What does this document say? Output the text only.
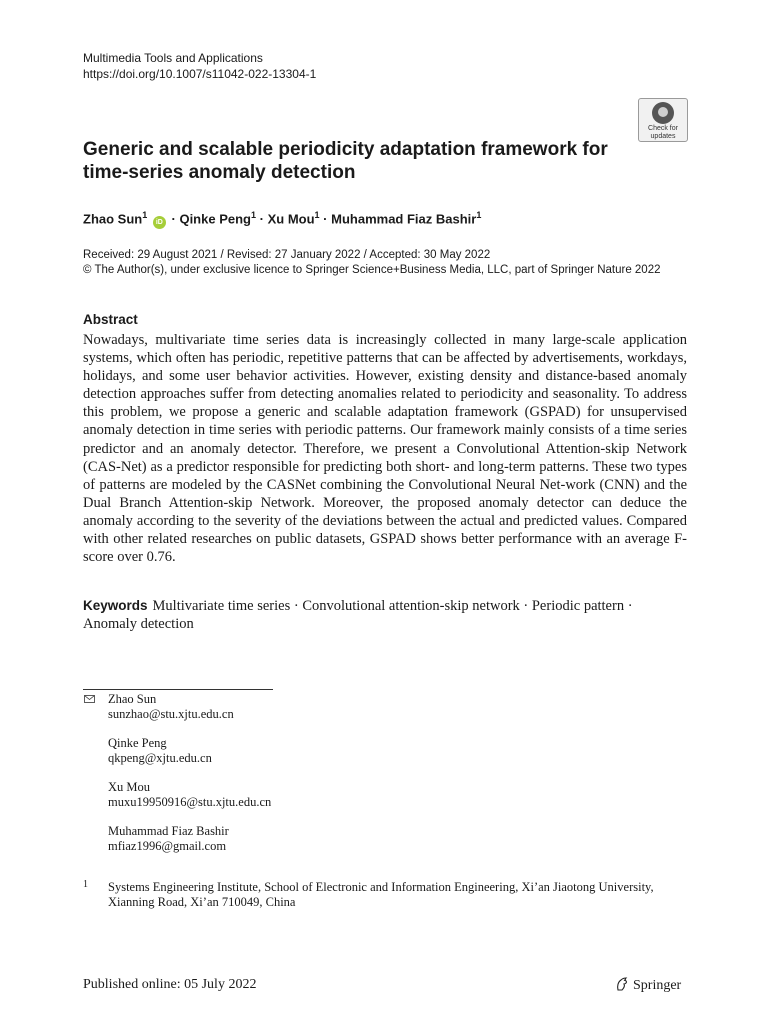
Multimedia Tools and Applications
https://doi.org/10.1007/s11042-022-13304-1
Check for
updates
Generic and scalable periodicity adaptation framework for time-series anomaly detection
Zhao Sun$^1$ iD · Qinke Peng$^1$ · Xu Mou$^1$ · Muhammad Fiaz Bashir$^1$
Received: 29 August 2021 / Revised: 27 January 2022 / Accepted: 30 May 2022
© The Author(s), under exclusive licence to Springer Science+Business Media, LLC, part of Springer Nature 2022
Abstract

Nowadays, multivariate time series data is increasingly collected in many large-scale application systems, which often has periodic, repetitive patterns that can be affected by advertisements, workdays, holidays, and some user behavior activities. However, existing density and distance-based anomaly detection approaches suffer from detecting anomalies related to periodicity and seasonality. To address this problem, we propose a generic and scalable adaptation framework (GSPAD) for unsupervised anomaly detection in time series with periodic patterns. Our framework mainly consists of a time series predictor and an anomaly detector. Therefore, we present a Convolutional Attention-skip Network (CAS-Net) as a predictor responsible for predicting both short- and long-term patterns. These two types of patterns are modeled by the CASNet combining the Convolutional Neural Net-work (CNN) and the Dual Branch Attention-skip Network. Moreover, the proposed anomaly detector can deduce the anomaly according to the severity of the deviations between the actual and predicted values. Compared with other related researches on public datasets, GSPAD shows better performance with an average F-score over 0.76.

Keywords Multivariate time series · Convolutional attention-skip network · Periodic pattern · Anomaly detection
Zhao Sun
sunzhao@stu.xjtu.edu.cn
Qinke Peng
qkpeng@xjtu.edu.cn
Xu Mou
muxu19950916@stu.xjtu.edu.cn
Muhammad Fiaz Bashir
mfiaz1996@gmail.com
1 Systems Engineering Institute, School of Electronic and Information Engineering, Xi’an Jiaotong University, Xianning Road, Xi’an 710049, China
Published online: 05 July 2022	Springer
